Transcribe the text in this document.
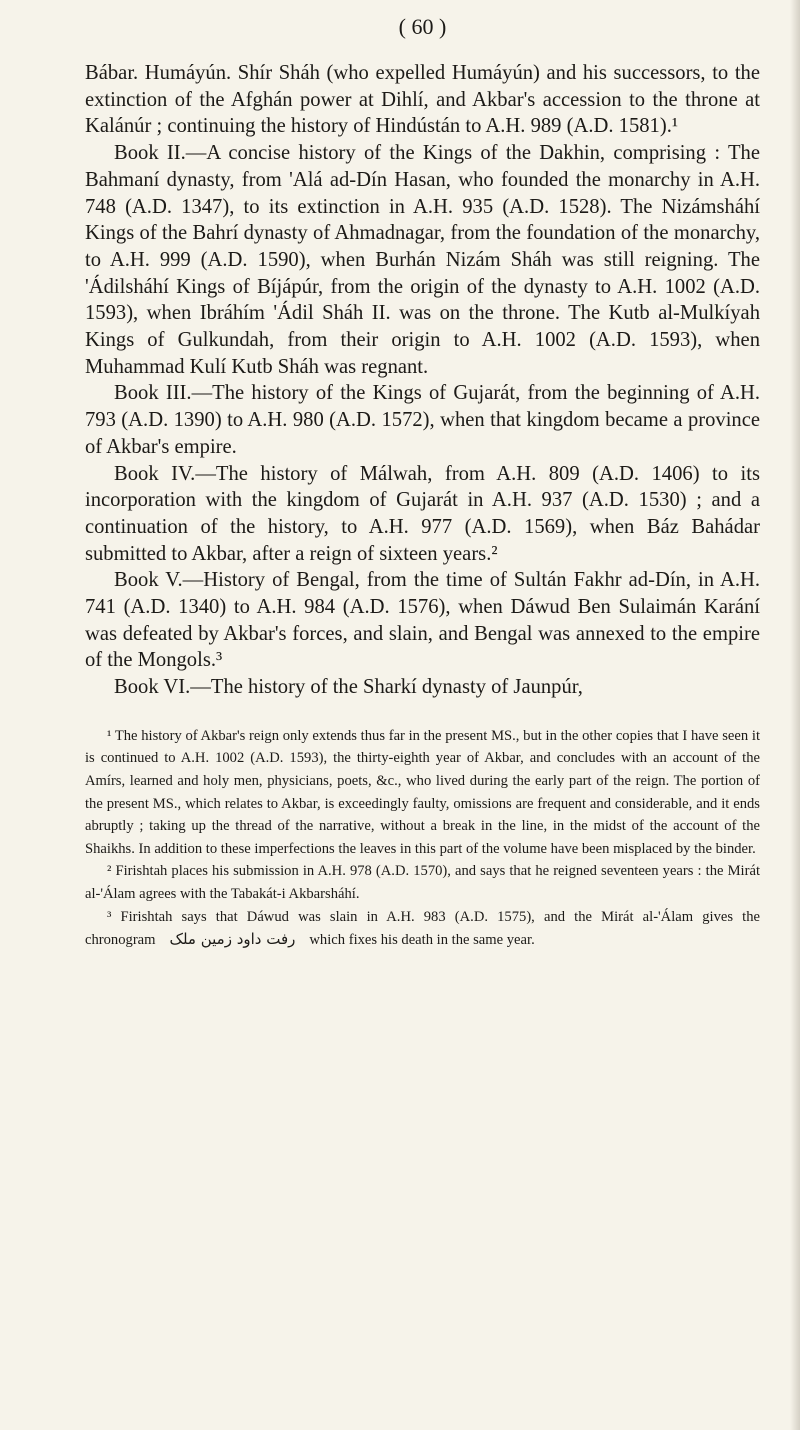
( 60 )

Bábar. Humáyún. Shír Sháh (who expelled Humáyún) and his successors, to the extinction of the Afghán power at Dihlí, and Akbar's accession to the throne at Kalánúr ; continuing the history of Hindústán to A.H. 989 (A.D. 1581).¹

Book II.—A concise history of the Kings of the Dakhin, comprising : The Bahmaní dynasty, from 'Alá ad-Dín Hasan, who founded the monarchy in A.H. 748 (A.D. 1347), to its extinction in A.H. 935 (A.D. 1528). The Nizámsháhí Kings of the Bahrí dynasty of Ahmadnagar, from the foundation of the monarchy, to A.H. 999 (A.D. 1590), when Burhán Nizám Sháh was still reigning. The 'Ádilsháhí Kings of Bíjápúr, from the origin of the dynasty to A.H. 1002 (A.D. 1593), when Ibráhím 'Ádil Sháh II. was on the throne. The Kutb al-Mulkíyah Kings of Gulkundah, from their origin to A.H. 1002 (A.D. 1593), when Muhammad Kulí Kutb Sháh was regnant.

Book III.—The history of the Kings of Gujarát, from the beginning of A.H. 793 (A.D. 1390) to A.H. 980 (A.D. 1572), when that kingdom became a province of Akbar's empire.

Book IV.—The history of Málwah, from A.H. 809 (A.D. 1406) to its incorporation with the kingdom of Gujarát in A.H. 937 (A.D. 1530) ; and a continuation of the history, to A.H. 977 (A.D. 1569), when Báz Bahádar submitted to Akbar, after a reign of sixteen years.²

Book V.—History of Bengal, from the time of Sultán Fakhr ad-Dín, in A.H. 741 (A.D. 1340) to A.H. 984 (A.D. 1576), when Dáwud Ben Sulaimán Karání was defeated by Akbar's forces, and slain, and Bengal was annexed to the empire of the Mongols.³

Book VI.—The history of the Sharkí dynasty of Jaunpúr,

¹ The history of Akbar's reign only extends thus far in the present MS., but in the other copies that I have seen it is continued to A.H. 1002 (A.D. 1593), the thirty-eighth year of Akbar, and concludes with an account of the Amírs, learned and holy men, physicians, poets, &c., who lived during the early part of the reign. The portion of the present MS., which relates to Akbar, is exceedingly faulty, omissions are frequent and considerable, and it ends abruptly ; taking up the thread of the narrative, without a break in the line, in the midst of the account of the Shaikhs. In addition to these imperfections the leaves in this part of the volume have been misplaced by the binder.

² Firishtah places his submission in A.H. 978 (A.D. 1570), and says that he reigned seventeen years : the Mirát al-'Álam agrees with the Tabakát-i Akbarsháhí.

³ Firishtah says that Dáwud was slain in A.H. 983 (A.D. 1575), and the Mirát al-'Álam gives the chronogram رفت داود زمین ملک which fixes his death in the same year.
